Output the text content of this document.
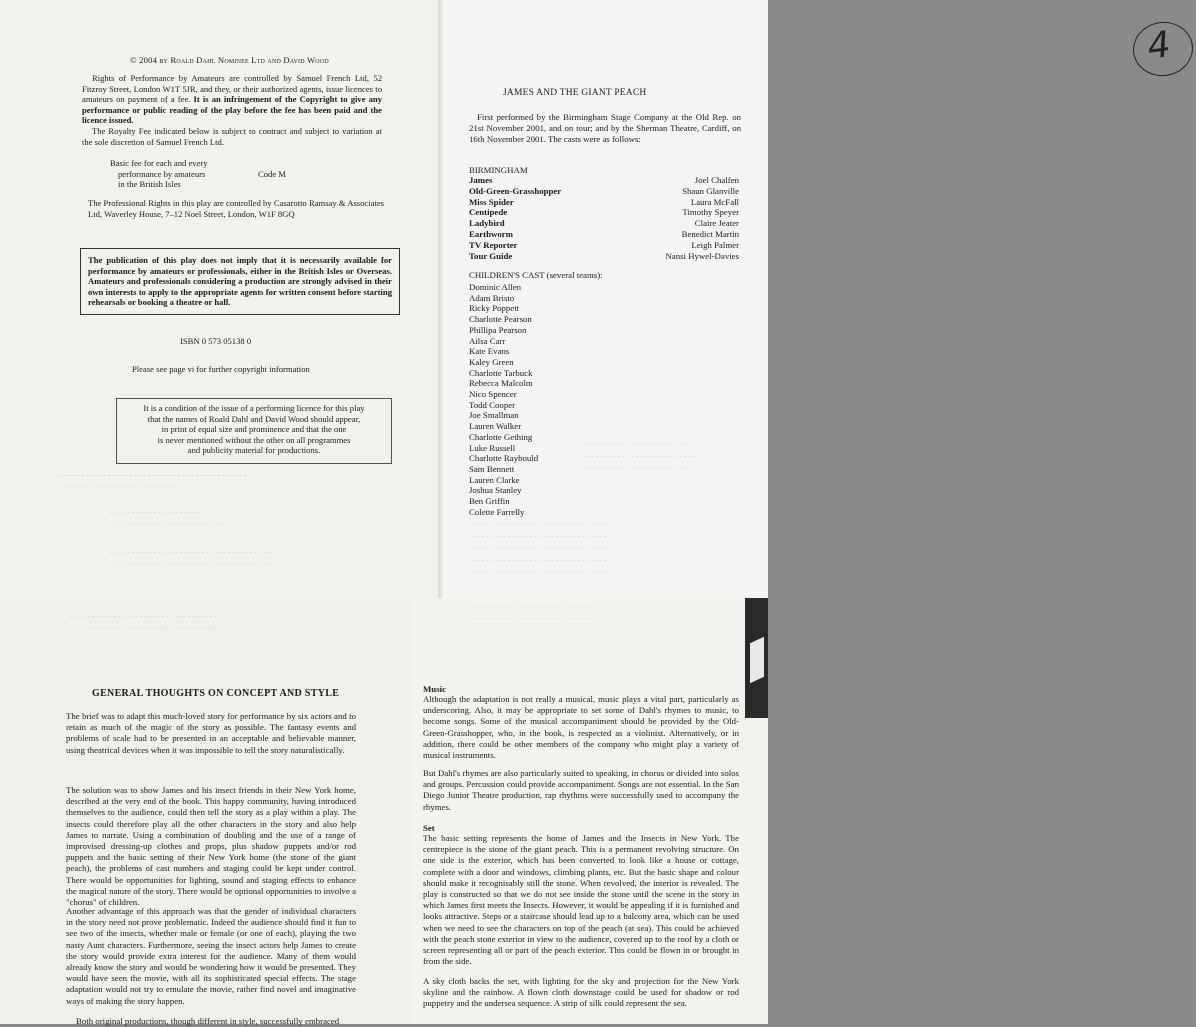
© 2004 by Roald Dahl Nominee Ltd and David Wood
Rights of Performance by Amateurs are controlled by Samuel French Ltd, 52 Fitzroy Street, London W1T 5JR, and they, or their authorized agents, issue licences to amateurs on payment of a fee. It is an infringement of the Copyright to give any performance or public reading of the play before the fee has been paid and the licence issued.
The Royalty Fee indicated below is subject to contract and subject to variation at the sole discretion of Samuel French Ltd.
Basic fee for each and every
performance by amateurs
in the British Isles
Code M
The Professional Rights in this play are controlled by Casarotto Ramsay & Associates Ltd, Waverley House, 7–12 Noel Street, London, W1F 8GQ
The publication of this play does not imply that it is necessarily available for performance by amateurs or professionals, either in the British Isles or Overseas. Amateurs and professionals considering a production are strongly advised in their own interests to apply to the appropriate agents for written consent before starting rehearsals or booking a theatre or hall.
ISBN 0 573 05138 0
Please see page vi for further copyright information
It is a condition of the issue of a performing licence for this play
that the names of Roald Dahl and David Wood should appear,
in print of equal size and prominence and that the one
is never mentioned without the other on all programmes
and publicity material for productions.
- - - - - - - - - - - - - - - - - - - - - - - - - - - - - - - - - - - - - - - - - - -
· · · · · · · · · · · · · · · · · · · · · · · · · · ·
· · · · · · · · · · · · · · · · · · · · ·
· · · · · · · · · · · · · · · · · · · · · · · · · ·
· · · · · · · · · · · · · · · · · · · · · · · · · · · · · · · · · · · · ·
· · · · · · · · · · · · · · · · · · · · · · · · · · · · · · · · · · · · ·
4
JAMES AND THE GIANT PEACH
First performed by the Birmingham Stage Company at the Old Rep. on 21st November 2001, and on tour; and by the Sherman Theatre, Cardiff, on 16th November 2001. The casts were as follows:
BIRMINGHAM
James	Joel Chalfen
Old-Green-Grasshopper	Shaun Glanville
Miss Spider	Laura McFall
Centipede	Timothy Speyer
Ladybird	Claire Jeater
Earthworm	Benedict Martin
TV Reporter	Leigh Palmer
Tour Guide	Nansi Hywel-Davies
CHILDREN'S CAST (several teams):
Dominic Allen
Adam Bristo
Ricky Poppett
Charlotte Pearson
Phillipa Pearson
Ailsa Carr
Kate Evans
Kaley Green
Charlotte Tarbuck
Rebecca Malcolm
Nico Spencer
Todd Cooper
Joe Smallman
Lauren Walker
Charlotte Gething
Luke Russell
Charlotte Raybould
Sam Bennett
Lauren Clarke
Joshua Stanley
Ben Griffin
Colette Farrelly
· · · · · · · · · · · · · · · · · · · · · · · · ·
· · · · · · · · · · · · · · · · · · · · · · · · · · ·
· · · · · · · · · · · · · · · · · · · · · · · ·
· · · · · · · · · · · · · · · · · · · · · · · · · · · · · · ·
· · · · · · · · · · · · · · · · · · · · · · · · · · · · · · ·
· · · · · · · · · · · · · · · · · · · · · · · · · · · · · · ·
· · · · · · · · · · · · · · · · · · · · · · · · · · · · · · ·
· · · · · · · · · · · · · · · · · · · · · · · · · · · · · · ·
· · · · · · · · · · · · · · · · · · · · · · · · · · · · · · · · · · · ·
· · · · · · · · · · · · · · · · · · · · · · · · · · · · · · · · · · · ·
GENERAL THOUGHTS ON CONCEPT AND STYLE
The brief was to adapt this much-loved story for performance by six actors and to retain as much of the magic of the story as possible. The fantasy events and problems of scale had to be presented in an acceptable and believable manner, using theatrical devices when it was impossible to tell the story naturalistically.
The solution was to show James and his insect friends in their New York home, described at the very end of the book. This happy community, having introduced themselves to the audience, could then tell the story as a play within a play. The insects could therefore play all the other characters in the story and also help James to narrate. Using a combination of doubling and the use of a range of improvised dressing-up clothes and props, plus shadow puppets and/or rod puppets and the basic setting of their New York home (the stone of the giant peach), the problems of cast numbers and staging could be kept under control. There would be opportunities for lighting, sound and staging effects to enhance the magical nature of the story. There would be optional opportunities to involve a "chorus" of children.
Another advantage of this approach was that the gender of individual characters in the story need not prove problematic. Indeed the audience should find it fun to see two of the insects, whether male or female (or one of each), playing the two nasty Aunt characters. Furthermore, seeing the insect actors help James to create the story would provide extra interest for the audience. Many of them would already know the story and would be wondering how it would be presented. They would have seen the movie, with all its sophisticated special effects. The stage adaptation would not try to emulate the movie, rather find novel and imaginative ways of making the story happen.
Both original productions, though different in style, successfully embraced
· · · · · · · · · · · · · · · · · · · · · · · · · · · ·
· · · · · · · · · · · · · · · · · · · · · · · · · · · ·
Music
Although the adaptation is not really a musical, music plays a vital part, particularly as underscoring. Also, it may be appropriate to set some of Dahl's rhymes to music, to become songs. Some of the musical accompaniment should be provided by the Old-Green-Grasshopper, who, in the book, is respected as a violinist. Alternatively, or in addition, there could be other members of the company who might play a variety of musical instruments.
But Dahl's rhymes are also particularly suited to speaking, in chorus or divided into solos and groups. Percussion could provide accompaniment. Songs are not essential. In the San Diego Junior Theatre production, rap rhythms were successfully used to accompany the rhymes.
Set
The basic setting represents the home of James and the Insects in New York. The centrepiece is the stone of the giant peach. This is a permanent revolving structure. On one side is the exterior, which has been converted to look like a house or cottage, complete with a door and windows, climbing plants, etc. But the basic shape and colour should make it recognisably still the stone. When revolved, the interior is revealed. The play is constructed so that we do not see inside the stone until the scene in the story in which James first meets the Insects. However, it would be appealing if it is furnished and looks attractive. Steps or a staircase should lead up to a balcony area, which can be used when we need to see the characters on top of the peach (at sea). This could be achieved with the peach stone exterior in view to the audience, covered up to the roof by a cloth or screen representing all or part of the peach exterior. This could be flown in or brought in from the side.
A sky cloth backs the set, with lighting for the sky and projection for the New York skyline and the rainbow. A flown cloth downstage could be used for shadow or rod puppetry and the undersea sequence. A strip of silk could represent the sea.
